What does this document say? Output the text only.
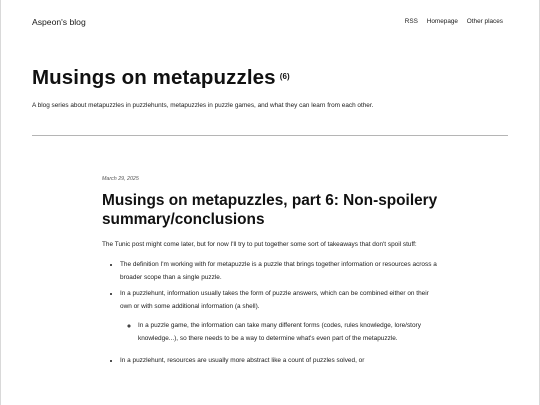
Aspeon's blog	RSS Homepage Other places
Musings on metapuzzles $^{(6)}$

A blog series about metapuzzles in puzzlehunts, metapuzzles in puzzle games, and what they can learn from each other.

March 29, 2025
Musings on metapuzzles, part 6: Non-spoilery summary/conclusions

The Tunic post might come later, but for now I'll try to put together some sort of takeaways that don't spoil stuff:

• The definition I'm working with for metapuzzle is a puzzle that brings together information or resources across a broader scope than a single puzzle.
• In a puzzlehunt, information usually takes the form of puzzle answers, which can be combined either on their own or with some additional information (a shell).
◦ In a puzzle game, the information can take many different forms (codes, rules knowledge, lore/story knowledge...), so there needs to be a way to determine what's even part of the metapuzzle.
• In a puzzlehunt, resources are usually more abstract like a count of puzzles solved, or
